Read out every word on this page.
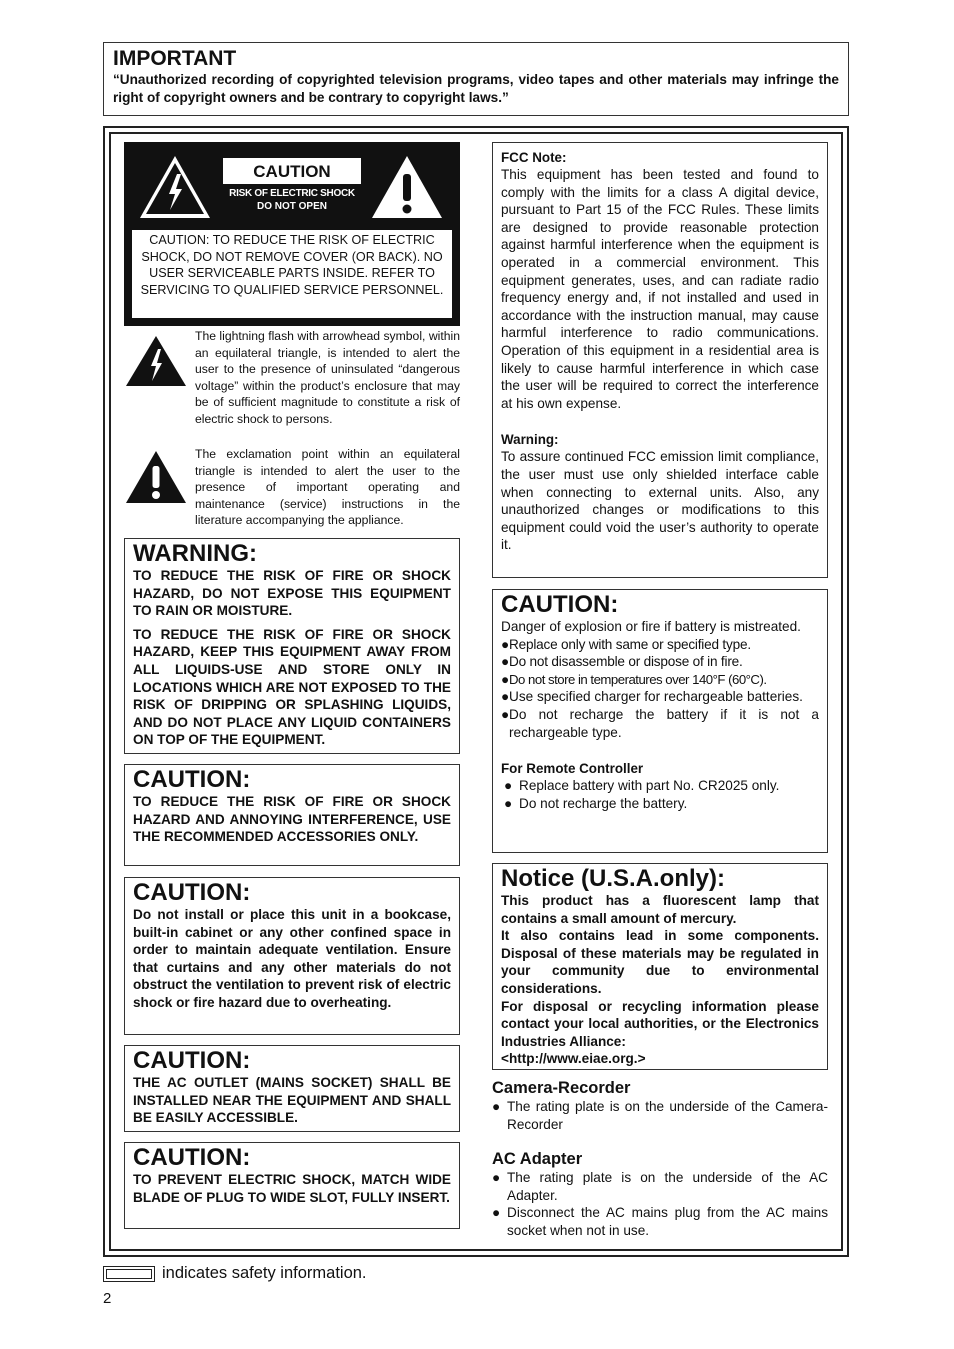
IMPORTANT
“Unauthorized recording of copyrighted television programs, video tapes and other materials may infringe the right of copyright owners and be contrary to copyright laws.”
CAUTION
RISK OF ELECTRIC SHOCK
DO NOT OPEN
CAUTION: TO REDUCE THE RISK OF ELECTRIC SHOCK, DO NOT REMOVE COVER (OR BACK). NO USER SERVICEABLE PARTS INSIDE. REFER TO SERVICING TO QUALIFIED SERVICE PERSONNEL.
The lightning flash with arrowhead symbol, within an equilateral triangle, is intended to alert the user to the presence of uninsulated “dangerous voltage” within the product’s enclosure that may be of sufficient magnitude to constitute a risk of electric shock to persons.
The exclamation point within an equilateral triangle is intended to alert the user to the presence of important operating and maintenance (service) instructions in the literature accompanying the appliance.
WARNING:

TO REDUCE THE RISK OF FIRE OR SHOCK HAZARD, DO NOT EXPOSE THIS EQUIPMENT TO RAIN OR MOISTURE.

TO REDUCE THE RISK OF FIRE OR SHOCK HAZARD, KEEP THIS EQUIPMENT AWAY FROM ALL LIQUIDS-USE AND STORE ONLY IN LOCATIONS WHICH ARE NOT EXPOSED TO THE RISK OF DRIPPING OR SPLASHING LIQUIDS, AND DO NOT PLACE ANY LIQUID CONTAINERS ON TOP OF THE EQUIPMENT.

CAUTION:

TO REDUCE THE RISK OF FIRE OR SHOCK HAZARD AND ANNOYING INTERFERENCE, USE THE RECOMMENDED ACCESSORIES ONLY.

CAUTION:

Do not install or place this unit in a bookcase, built-in cabinet or any other confined space in order to maintain adequate ventilation. Ensure that curtains and any other materials do not obstruct the ventilation to prevent risk of electric shock or fire hazard due to overheating.

CAUTION:

THE AC OUTLET (MAINS SOCKET) SHALL BE INSTALLED NEAR THE EQUIPMENT AND SHALL BE EASILY ACCESSIBLE.

CAUTION:

TO PREVENT ELECTRIC SHOCK, MATCH WIDE BLADE OF PLUG TO WIDE SLOT, FULLY INSERT.

FCC Note:

This equipment has been tested and found to comply with the limits for a class A digital device, pursuant to Part 15 of the FCC Rules. These limits are designed to provide reasonable protection against harmful interference when the equipment is operated in a commercial environment. This equipment generates, uses, and can radiate radio frequency energy and, if not installed and used in accordance with the instruction manual, may cause harmful interference to radio communications. Operation of this equipment in a residential area is likely to cause harmful interference in which case the user will be required to correct the interference at his own expense.

Warning:

To assure continued FCC emission limit compliance, the user must use only shielded interface cable when connecting to external units. Also, any unauthorized changes or modifications to this equipment could void the user’s authority to operate it.

CAUTION:

Danger of explosion or fire if battery is mistreated.

● Replace only with same or specified type.
● Do not disassemble or dispose of in fire.
● Do not store in temperatures over 140°F (60°C).
● Use specified charger for rechargeable batteries.
● Do not recharge the battery if it is not a rechargeable type.
For Remote Controller
● Replace battery with part No. CR2025 only.
● Do not recharge the battery.
Notice (U.S.A.only):

This product has a fluorescent lamp that contains a small amount of mercury.

It also contains lead in some components. Disposal of these materials may be regulated in your community due to environmental considerations.

For disposal or recycling information please contact your local authorities, or the Electronics Industries Alliance:

<http://www.eiae.org.>

Camera-Recorder
● The rating plate is on the underside of the Camera-Recorder
AC Adapter
● The rating plate is on the underside of the AC Adapter.
● Disconnect the AC mains plug from the AC mains socket when not in use.
indicates safety information.
2
